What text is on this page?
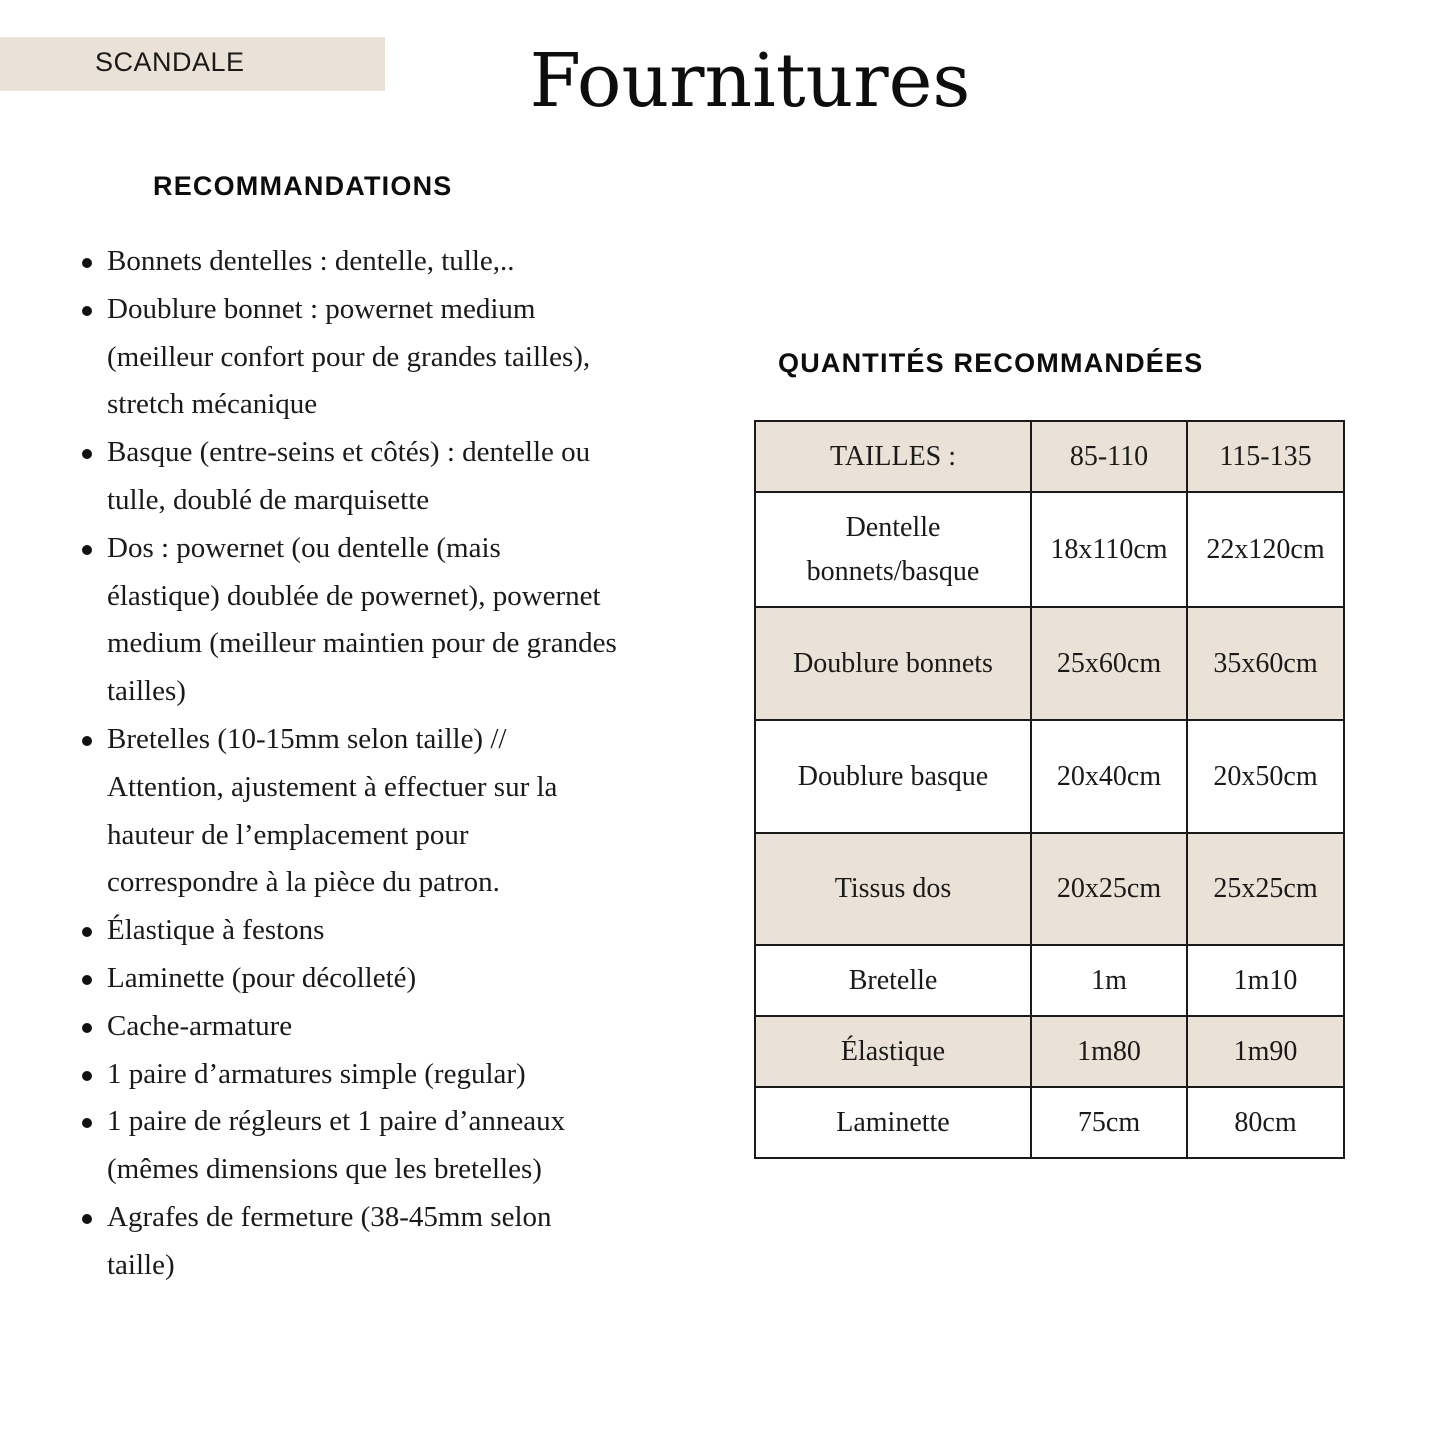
SCANDALE	Fournitures
RECOMMANDATIONS
Bonnets dentelles : dentelle, tulle,..
Doublure bonnet : powernet medium (meilleur confort pour de grandes tailles), stretch mécanique
Basque (entre-seins et côtés) : dentelle ou tulle, doublé de marquisette
Dos : powernet (ou dentelle (mais élastique) doublée de powernet), powernet medium (meilleur maintien pour de grandes tailles)
Bretelles (10-15mm selon taille) // Attention, ajustement à effectuer sur la hauteur de l’emplacement pour correspondre à la pièce du patron.
Élastique à festons
Laminette (pour décolleté)
Cache-armature
1 paire d’armatures simple (regular)
1 paire de régleurs et 1 paire d’anneaux (mêmes dimensions que les bretelles)
Agrafes de fermeture (38-45mm selon taille)
QUANTITÉS RECOMMANDÉES
TAILLES :	85-110	115-135
Dentelle bonnets/basque	18x110cm	22x120cm
Doublure bonnets	25x60cm	35x60cm
Doublure basque	20x40cm	20x50cm
Tissus dos	20x25cm	25x25cm
Bretelle	1m	1m10
Élastique	1m80	1m90
Laminette	75cm	80cm
